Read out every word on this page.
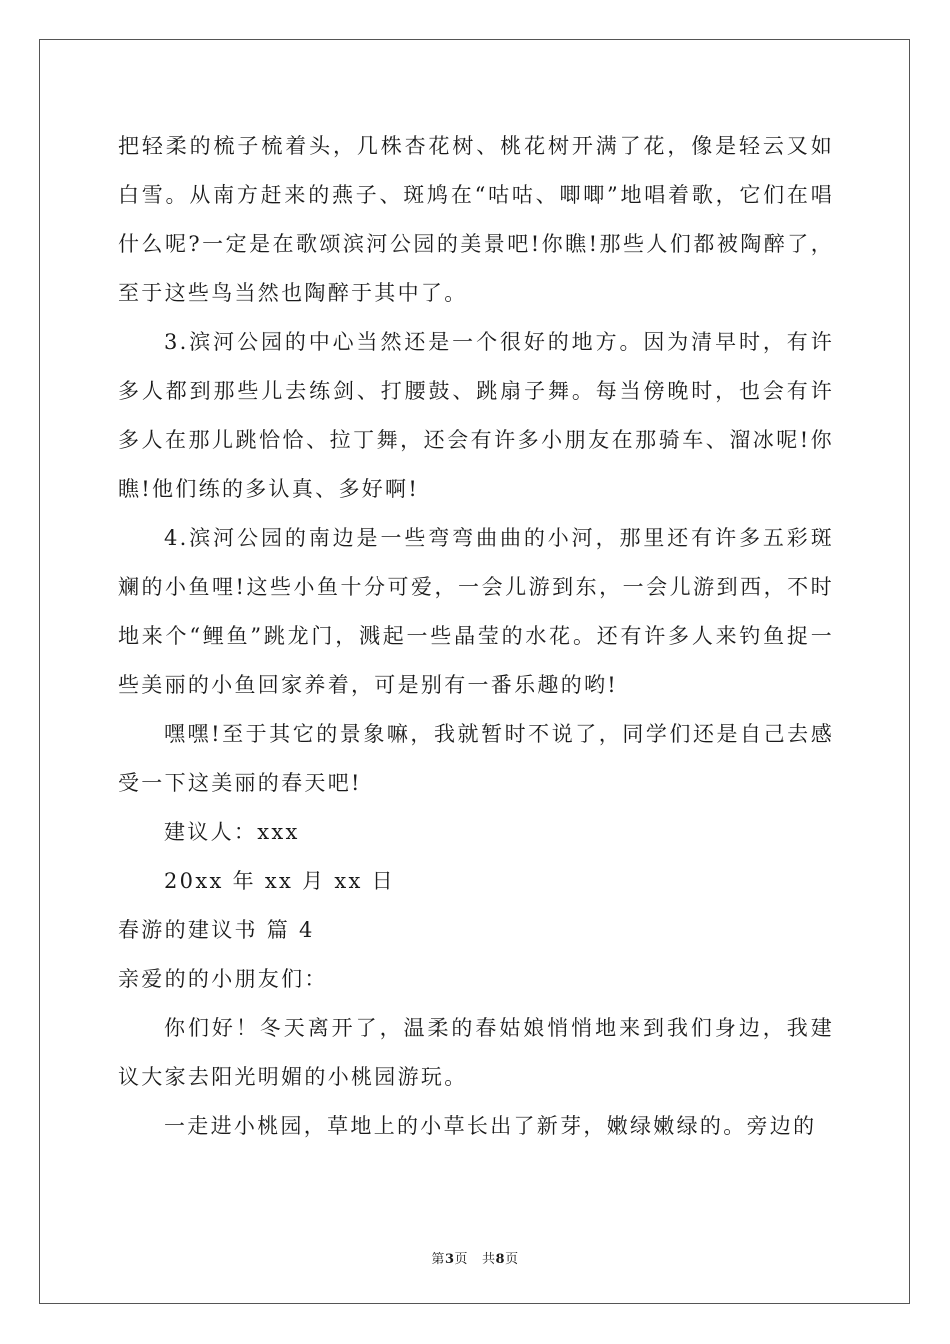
把轻柔的梳子梳着头，几株杏花树、桃花树开满了花，像是轻云又如白雪。从南方赶来的燕子、斑鸠在“咕咕、唧唧”地唱着歌，它们在唱什么呢?一定是在歌颂滨河公园的美景吧!你瞧!那些人们都被陶醉了，至于这些鸟当然也陶醉于其中了。

3.滨河公园的中心当然还是一个很好的地方。因为清早时，有许多人都到那些儿去练剑、打腰鼓、跳扇子舞。每当傍晚时，也会有许多人在那儿跳恰恰、拉丁舞，还会有许多小朋友在那骑车、溜冰呢!你瞧!他们练的多认真、多好啊!

4.滨河公园的南边是一些弯弯曲曲的小河，那里还有许多五彩斑斓的小鱼哩!这些小鱼十分可爱，一会儿游到东，一会儿游到西，不时地来个“鲤鱼”跳龙门，溅起一些晶莹的水花。还有许多人来钓鱼捉一些美丽的小鱼回家养着，可是别有一番乐趣的哟!

嘿嘿!至于其它的景象嘛，我就暂时不说了，同学们还是自己去感受一下这美丽的春天吧!

建议人：xxx

20xx 年 xx 月 xx 日

春游的建议书 篇 4

亲爱的的小朋友们：

你们好！冬天离开了，温柔的春姑娘悄悄地来到我们身边，我建议大家去阳光明媚的小桃园游玩。

一走进小桃园，草地上的小草长出了新芽，嫩绿嫩绿的。旁边的

第3页 共8页
